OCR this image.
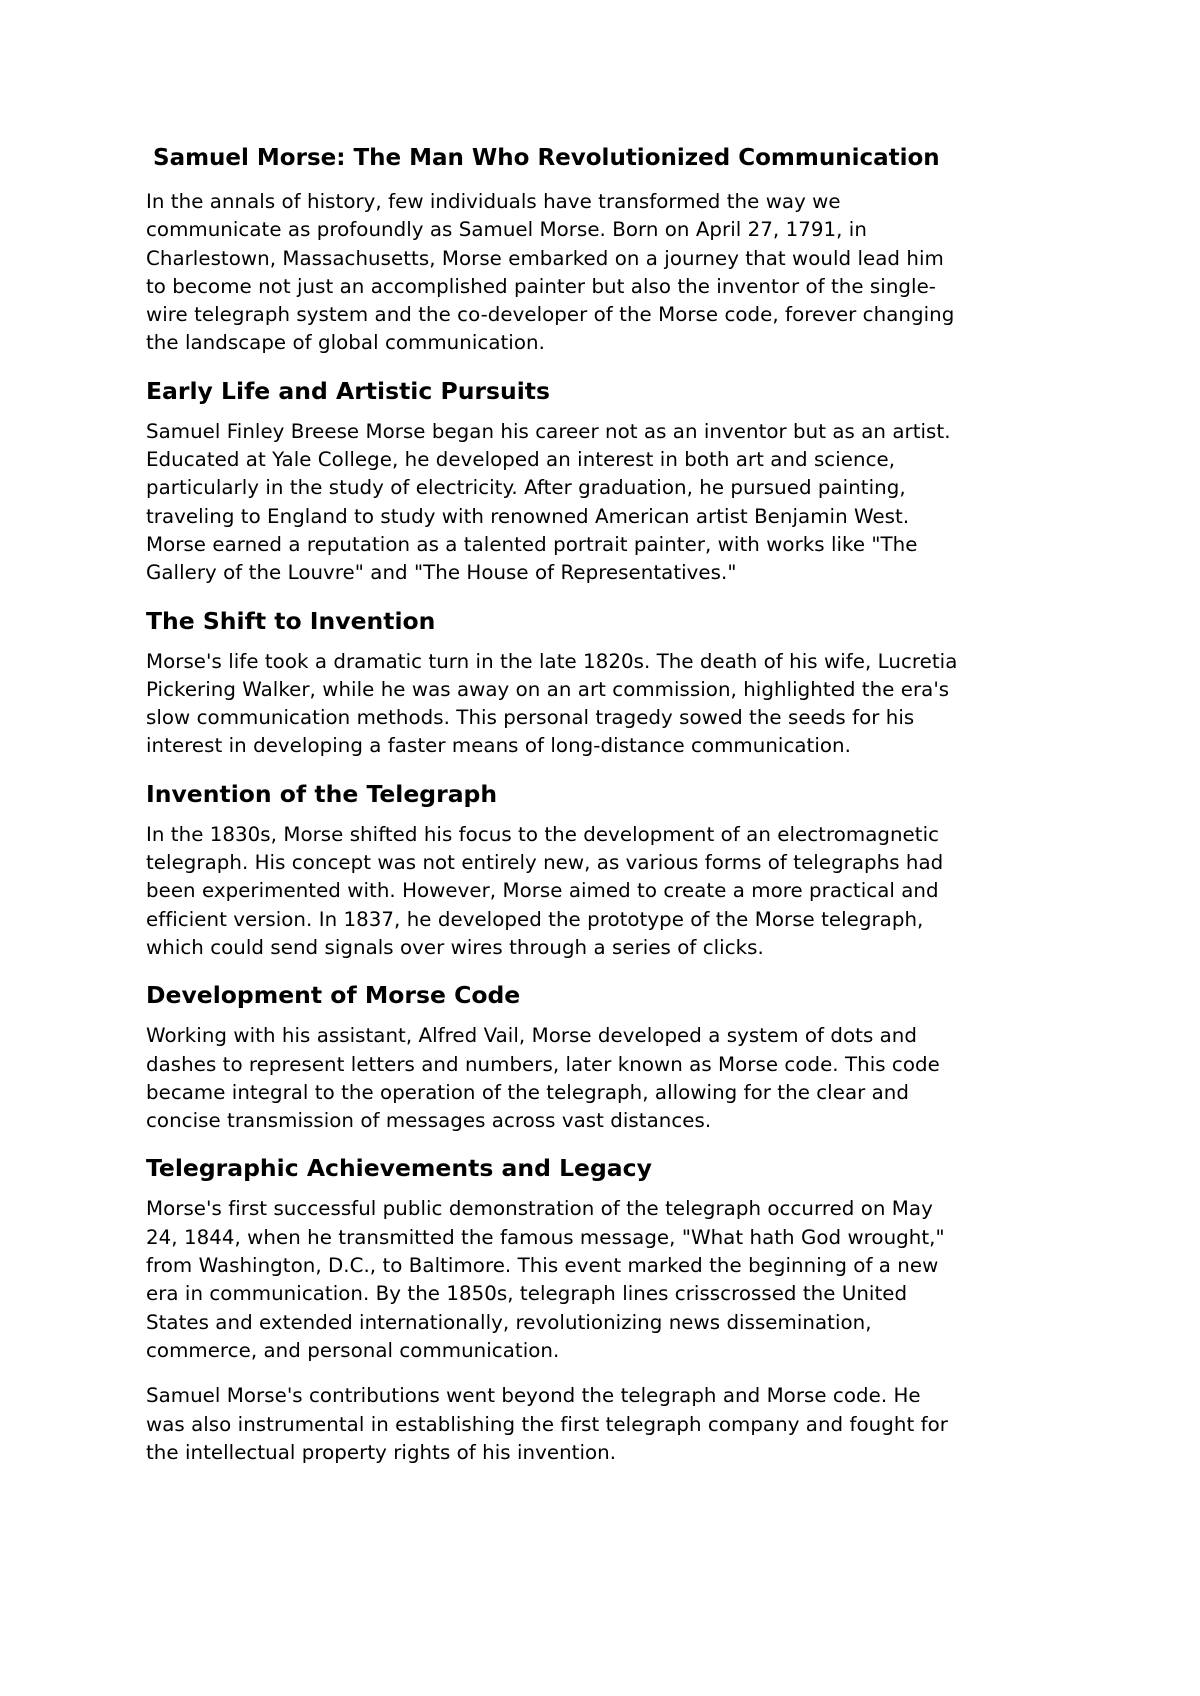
Samuel Morse: The Man Who Revolutionized Communication

In the annals of history, few individuals have transformed the way we
communicate as profoundly as Samuel Morse. Born on April 27, 1791, in
Charlestown, Massachusetts, Morse embarked on a journey that would lead him
to become not just an accomplished painter but also the inventor of the single-
wire telegraph system and the co-developer of the Morse code, forever changing
the landscape of global communication.

Early Life and Artistic Pursuits

Samuel Finley Breese Morse began his career not as an inventor but as an artist.
Educated at Yale College, he developed an interest in both art and science,
particularly in the study of electricity. After graduation, he pursued painting,
traveling to England to study with renowned American artist Benjamin West.
Morse earned a reputation as a talented portrait painter, with works like "The
Gallery of the Louvre" and "The House of Representatives."

The Shift to Invention

Morse's life took a dramatic turn in the late 1820s. The death of his wife, Lucretia
Pickering Walker, while he was away on an art commission, highlighted the era's
slow communication methods. This personal tragedy sowed the seeds for his
interest in developing a faster means of long-distance communication.

Invention of the Telegraph

In the 1830s, Morse shifted his focus to the development of an electromagnetic
telegraph. His concept was not entirely new, as various forms of telegraphs had
been experimented with. However, Morse aimed to create a more practical and
efficient version. In 1837, he developed the prototype of the Morse telegraph,
which could send signals over wires through a series of clicks.

Development of Morse Code

Working with his assistant, Alfred Vail, Morse developed a system of dots and
dashes to represent letters and numbers, later known as Morse code. This code
became integral to the operation of the telegraph, allowing for the clear and
concise transmission of messages across vast distances.

Telegraphic Achievements and Legacy

Morse's first successful public demonstration of the telegraph occurred on May
24, 1844, when he transmitted the famous message, "What hath God wrought,"
from Washington, D.C., to Baltimore. This event marked the beginning of a new
era in communication. By the 1850s, telegraph lines crisscrossed the United
States and extended internationally, revolutionizing news dissemination,
commerce, and personal communication.

Samuel Morse's contributions went beyond the telegraph and Morse code. He
was also instrumental in establishing the first telegraph company and fought for
the intellectual property rights of his invention.
